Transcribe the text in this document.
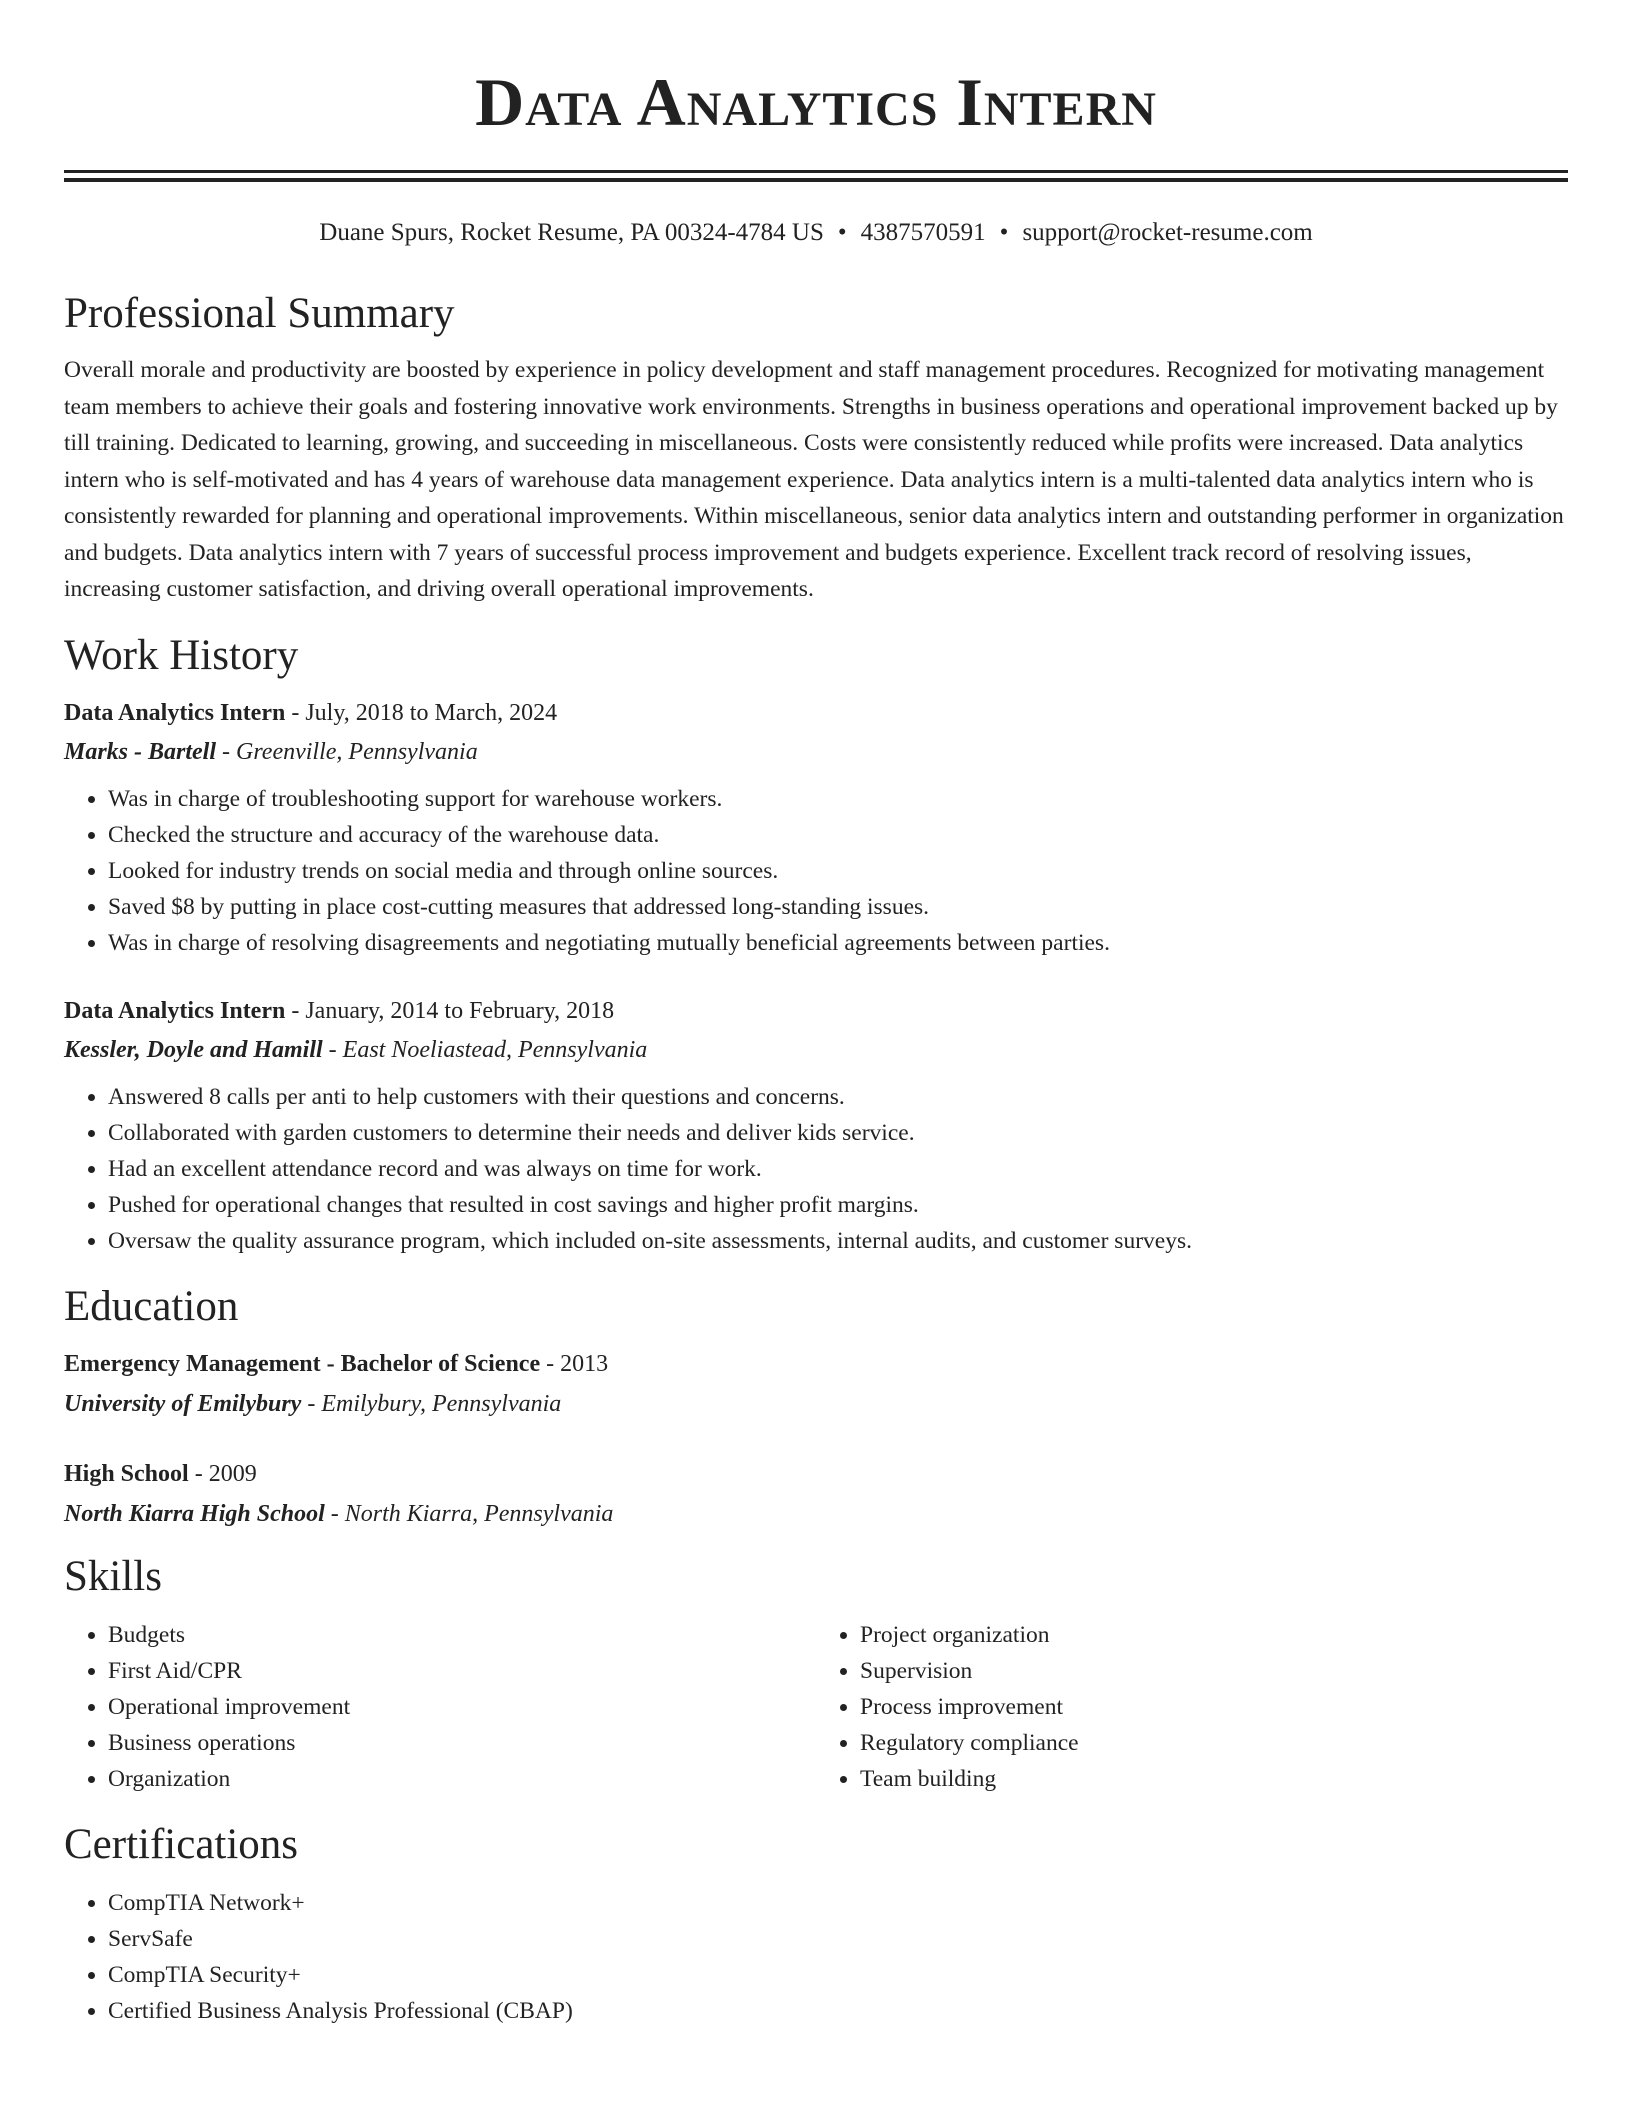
Data Analytics Intern
Duane Spurs, Rocket Resume, PA 00324-4784 US • 4387570591 • support@rocket-resume.com
Professional Summary

Overall morale and productivity are boosted by experience in policy development and staff management procedures. Recognized for motivating management team members to achieve their goals and fostering innovative work environments. Strengths in business operations and operational improvement backed up by till training. Dedicated to learning, growing, and succeeding in miscellaneous. Costs were consistently reduced while profits were increased. Data analytics intern who is self-motivated and has 4 years of warehouse data management experience. Data analytics intern is a multi-talented data analytics intern who is consistently rewarded for planning and operational improvements. Within miscellaneous, senior data analytics intern and outstanding performer in organization and budgets. Data analytics intern with 7 years of successful process improvement and budgets experience. Excellent track record of resolving issues, increasing customer satisfaction, and driving overall operational improvements.

Work History
Data Analytics Intern - July, 2018 to March, 2024
Marks - Bartell - Greenville, Pennsylvania
• Was in charge of troubleshooting support for warehouse workers.
• Checked the structure and accuracy of the warehouse data.
• Looked for industry trends on social media and through online sources.
• Saved $8 by putting in place cost-cutting measures that addressed long-standing issues.
• Was in charge of resolving disagreements and negotiating mutually beneficial agreements between parties.
Data Analytics Intern - January, 2014 to February, 2018
Kessler, Doyle and Hamill - East Noeliastead, Pennsylvania
• Answered 8 calls per anti to help customers with their questions and concerns.
• Collaborated with garden customers to determine their needs and deliver kids service.
• Had an excellent attendance record and was always on time for work.
• Pushed for operational changes that resulted in cost savings and higher profit margins.
• Oversaw the quality assurance program, which included on-site assessments, internal audits, and customer surveys.
Education
Emergency Management - Bachelor of Science - 2013
University of Emilybury - Emilybury, Pennsylvania
High School - 2009
North Kiarra High School - North Kiarra, Pennsylvania
Skills
• Budgets
• First Aid/CPR
• Operational improvement
• Business operations
• Organization
• Project organization
• Supervision
• Process improvement
• Regulatory compliance
• Team building
Certifications
• CompTIA Network+
• ServSafe
• CompTIA Security+
• Certified Business Analysis Professional (CBAP)
